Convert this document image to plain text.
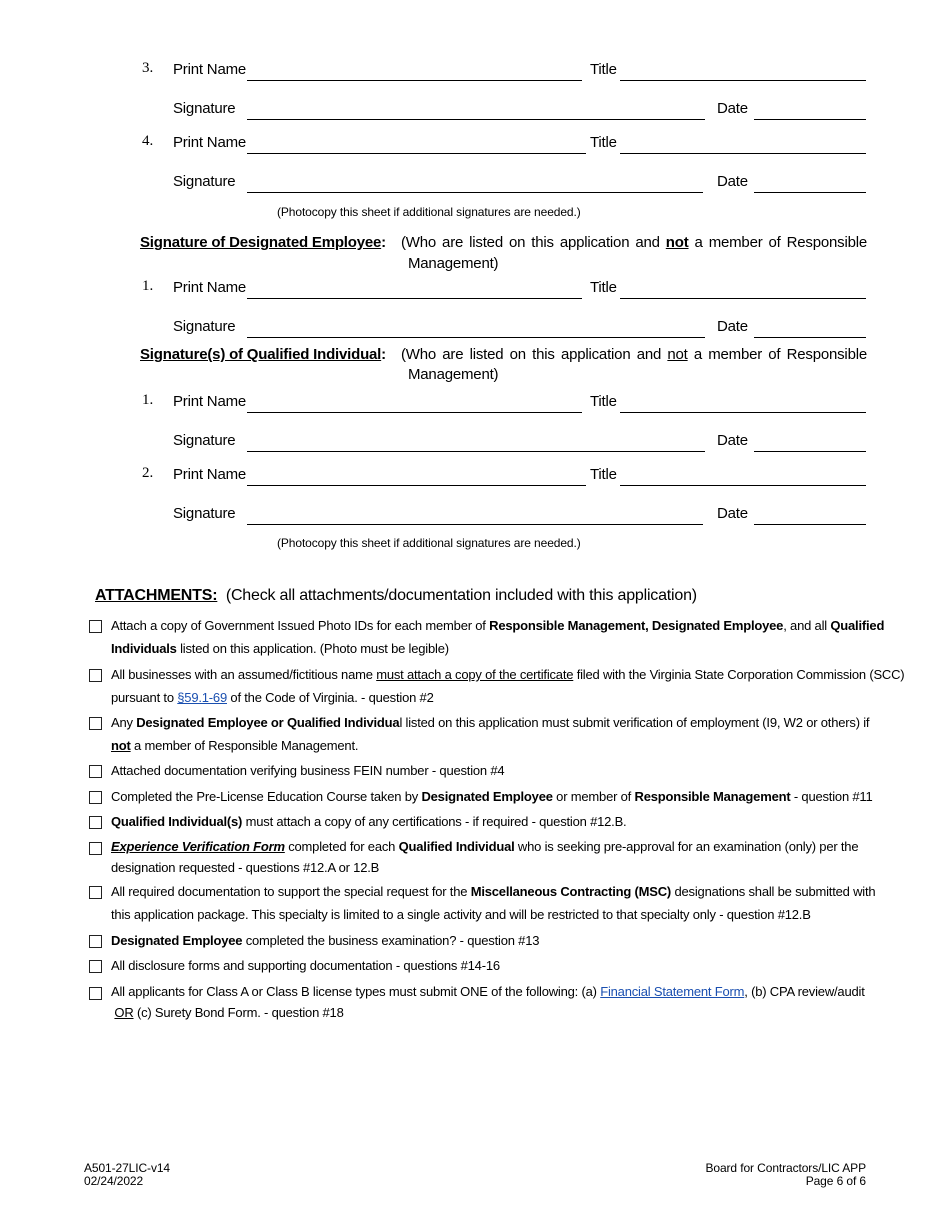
3. Print Name	Title
Signature	Date
4. Print Name	Title
Signature	Date
(Photocopy this sheet if additional signatures are needed.)
Signature of Designated Employee: (Who are listed on this application and not a member of Responsible
Management)
1. Print Name	Title
Signature	Date
Signature(s) of Qualified Individual: (Who are listed on this application and not a member of Responsible
Management)
1. Print Name	Title
Signature	Date
2. Print Name	Title
Signature	Date
(Photocopy this sheet if additional signatures are needed.)
ATTACHMENTS: (Check all attachments/documentation included with this application)
Attach a copy of Government Issued Photo IDs for each member of Responsible Management, Designated Employee, and all Qualified
Individuals listed on this application. (Photo must be legible)
All businesses with an assumed/fictitious name must attach a copy of the certificate filed with the Virginia State Corporation Commission (SCC)
pursuant to §59.1-69 of the Code of Virginia. - question #2
Any Designated Employee or Qualified Individual listed on this application must submit verification of employment (I9, W2 or others) if
not a member of Responsible Management.
Attached documentation verifying business FEIN number - question #4
Completed the Pre-License Education Course taken by Designated Employee or member of Responsible Management - question #11
Qualified Individual(s) must attach a copy of any certifications - if required - question #12.B.
Experience Verification Form completed for each Qualified Individual who is seeking pre-approval for an examination (only) per the
designation requested - questions #12.A or 12.B
All required documentation to support the special request for the Miscellaneous Contracting (MSC) designations shall be submitted with
this application package. This specialty is limited to a single activity and will be restricted to that specialty only - question #12.B
Designated Employee completed the business examination? - question #13
All disclosure forms and supporting documentation - questions #14-16
All applicants for Class A or Class B license types must submit ONE of the following: (a) Financial Statement Form, (b) CPA review/audit
OR (c) Surety Bond Form. - question #18
A501-27LIC-v14
02/24/2022
Board for Contractors/LIC APP
Page 6 of 6
